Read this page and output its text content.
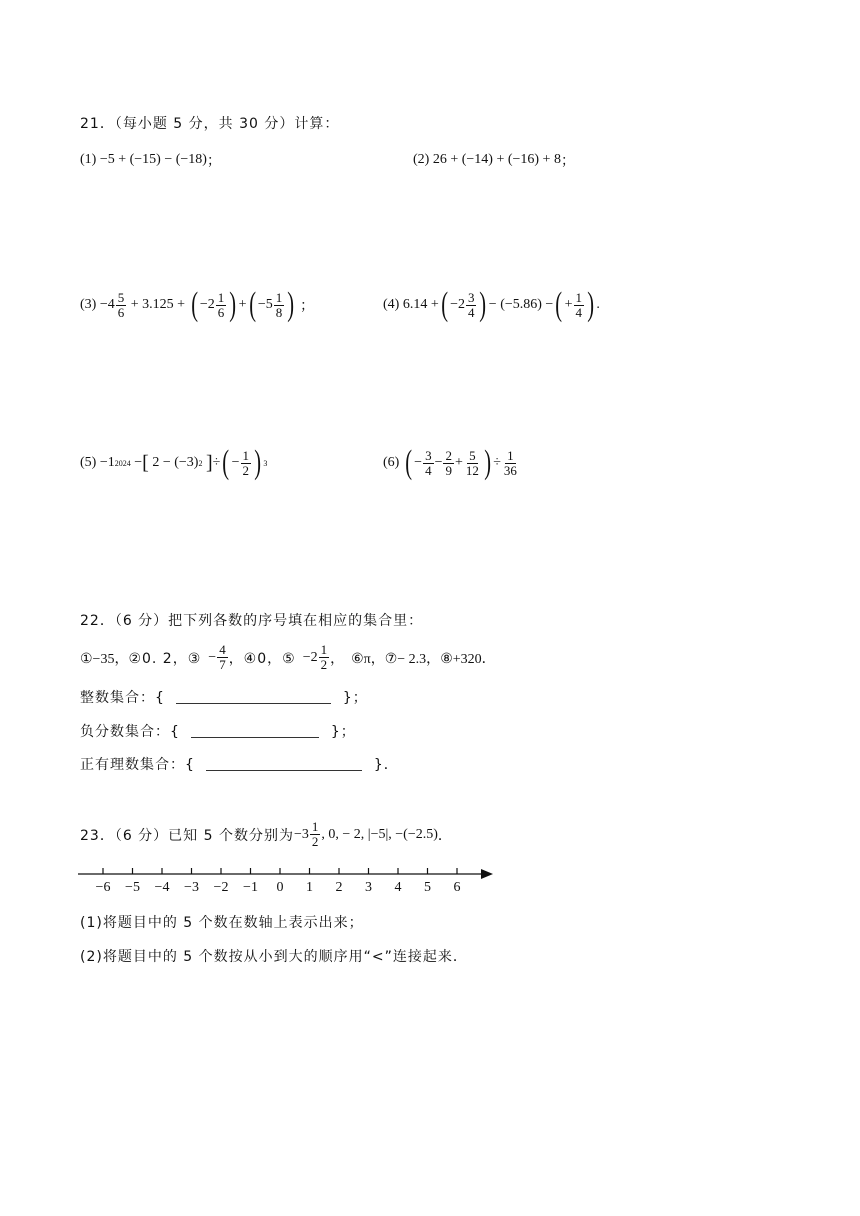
21．（每小题 5 分，共 30 分）计算：
(1)
−5 + (−15) − (−18) ；	(2)
26 + (−14) + (−16) + 8 ；
(3)
$-4 \frac{5}{6}$
+ 3.125 +
( $-2 \frac{1}{6}$ ) + ( $-5 \frac{1}{8}$ )
；	(4)
6.14 + ( $-2 \frac{3}{4}$ ) − (−5.86) − ( + $\frac{1}{4}$ ) .
(5)
−1 2024
− [
2 − (−3) 2
] ÷ ( − $\frac{1}{2}$ ) 3	(6)
( − $\frac{3}{4} - \frac{2}{9} + \frac{5}{12}$ ) ÷ $\frac{1}{36}$
22．（6 分）把下列各数的序号填在相应的集合里：
①−35， ②0. 2，③
− $\frac{4}{7}$ ，④0，⑤
$-2 \frac{1}{2}$ ，
⑥π， ⑦− 2.3， ⑧+320．
整数集合：{	}；
负分数集合：{	}；
正有理数集合：{	}．
23．（6 分）已知 5 个数分别为 $-3 \frac{1}{2}$ , 0, − 2, |−5|, −(−2.5) ．
−6 −5 −4 −3 −2 −1 0 1 2 3 4 5 6
(1)将题目中的 5 个数在数轴上表示出来；
(2)将题目中的 5 个数按从小到大的顺序用“<”连接起来．
